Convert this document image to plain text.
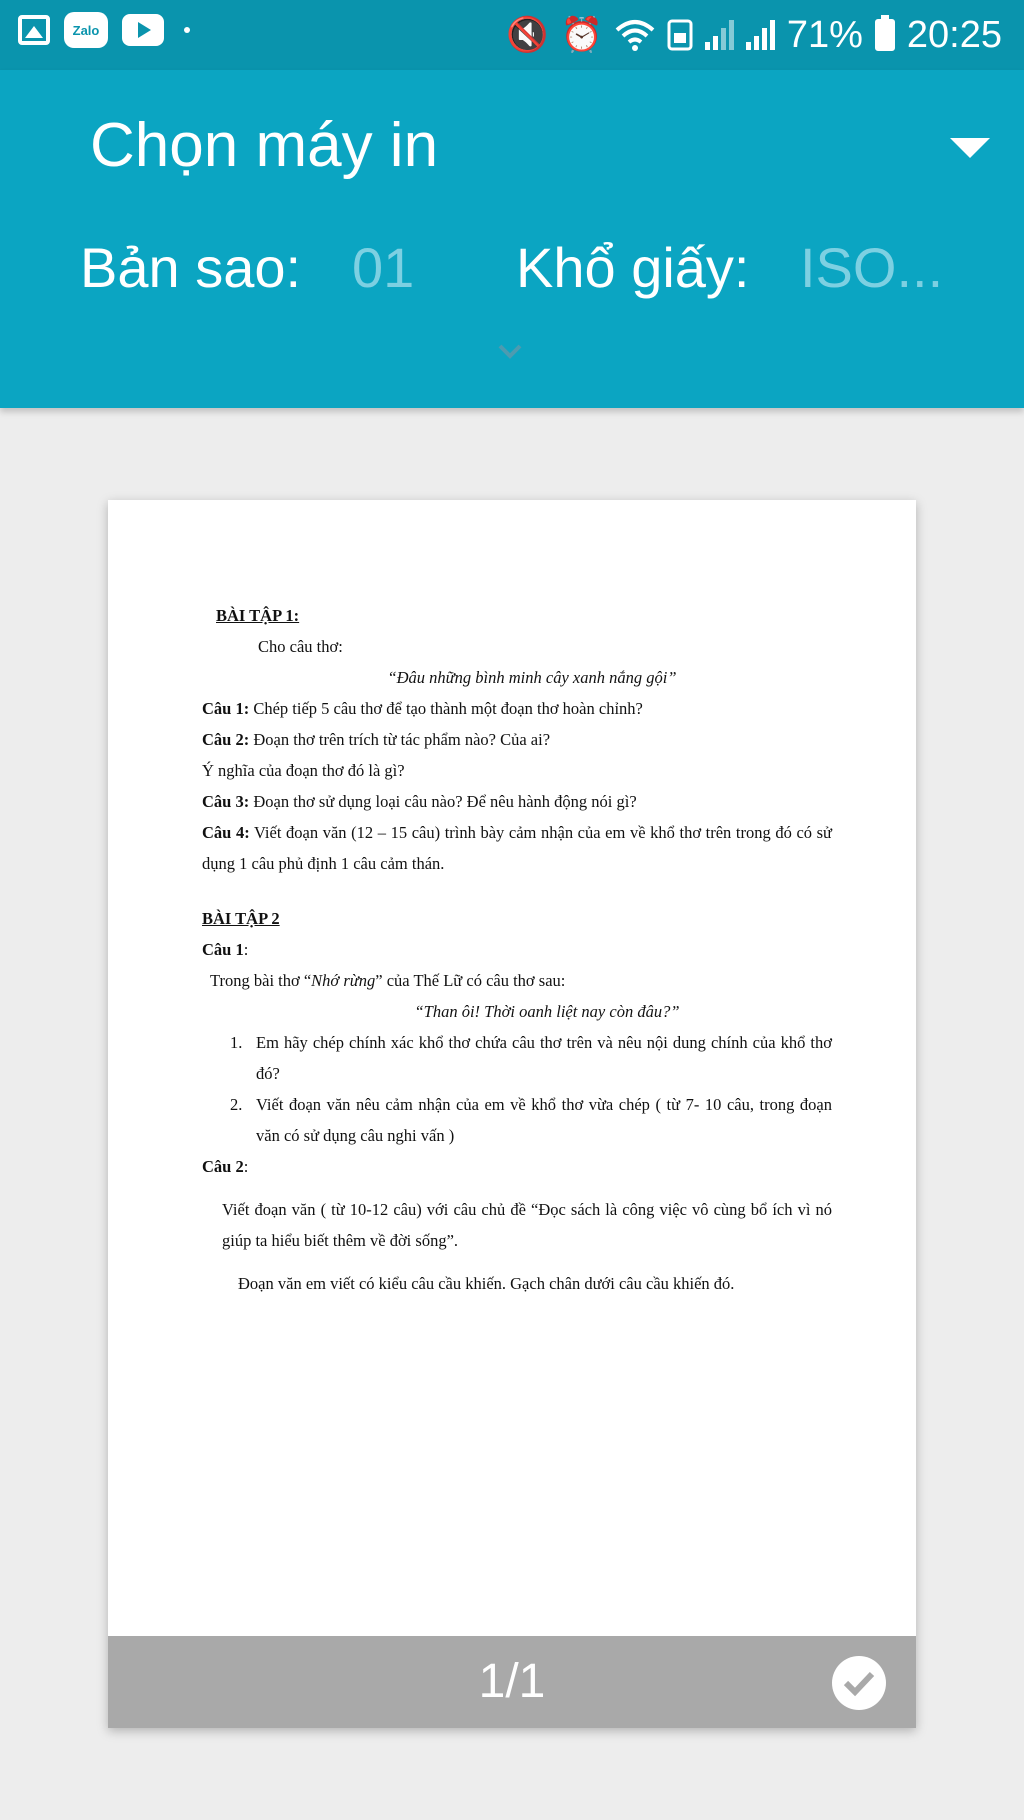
Zalo	🔇 ⏰	71% 20:25
Chọn máy in
Bản sao: 01 Khổ giấy: ISO...

BÀI TẬP 1:

Cho câu thơ:

“Đâu những bình minh cây xanh nắng gội”

Câu 1: Chép tiếp 5 câu thơ để tạo thành một đoạn thơ hoàn chỉnh?

Câu 2: Đoạn thơ trên trích từ tác phẩm nào? Của ai?

Ý nghĩa của đoạn thơ đó là gì?

Câu 3: Đoạn thơ sử dụng loại câu nào? Để nêu hành động nói gì?

Câu 4: Viết đoạn văn (12 – 15 câu) trình bày cảm nhận của em về khổ thơ trên trong đó có sử dụng 1 câu phủ định 1 câu cảm thán.

BÀI TẬP 2

Câu 1:

Trong bài thơ “Nhớ rừng” của Thế Lữ có câu thơ sau:

“Than ôi! Thời oanh liệt nay còn đâu?”

1. Em hãy chép chính xác khổ thơ chứa câu thơ trên và nêu nội dung chính của khổ thơ đó?
2. Viết đoạn văn nêu cảm nhận của em về khổ thơ vừa chép ( từ 7- 10 câu, trong đoạn văn có sử dụng câu nghi vấn )

Câu 2:

Viết đoạn văn ( từ 10-12 câu) với câu chủ đề “Đọc sách là công việc vô cùng bổ ích vì nó giúp ta hiểu biết thêm về đời sống”.

Đoạn văn em viết có kiểu câu cầu khiến. Gạch chân dưới câu cầu khiến đó.

1/1
